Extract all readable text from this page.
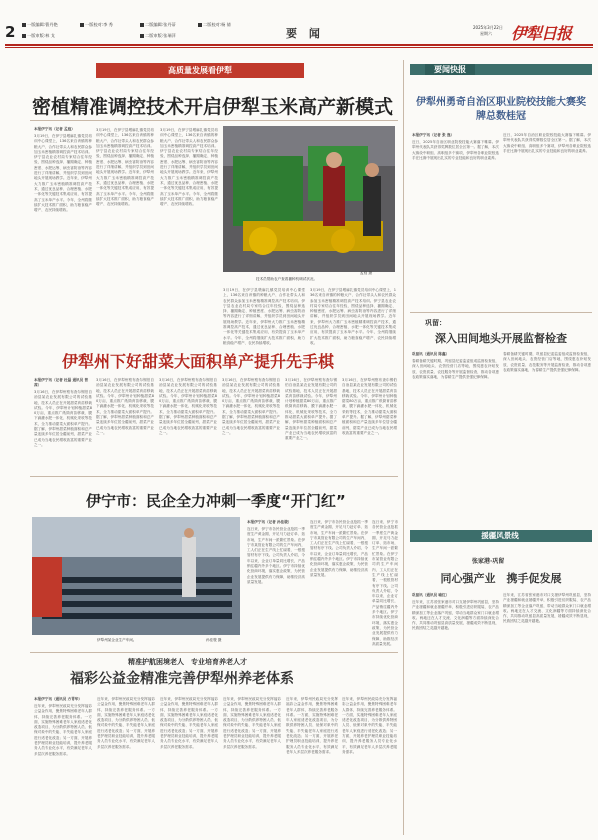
2	一版编辑:曹丹艳	一版校对:李 秀	二版编辑:张丹蒂	二版校对:杨 倩
一版审版:林 戈	二版审版:张瑞萍	要 闻	2025年3月22日
星期六 伊犁日报
高质量发展看伊犁
密植精准调控技术开启伊犁玉米高产新模式
本报伊宁讯（记者 孟庭）
3月19日，在伊宁县墩麻扎镇党员培训中心课堂上，136名来自该镇的种粮大户、合作社带头人和农民群众参加玉米密植精准调控高产技术培训。伊宁县农业农村局专家结合往年经验，围绕品种选择、播期确定、种植密度、水肥运筹、病虫害防治等内容进行了详细讲解，并组织学员到田间地头开展现场教学。近年来，伊犁州大力推广玉米密植精准调控高产技术，通过优良品种、合理密植、水肥一体化等关键技术集成应用，有效提高了玉米单产水平。今年，全州将继续扩大技术推广面积，助力粮食稳产增产、农民持续增收。
3月19日，在伊宁县墩麻扎镇党员培训中心课堂上，136名来自该镇的种粮大户、合作社带头人和农民群众参加玉米密植精准调控高产技术培训。伊宁县农业农村局专家结合往年经验，围绕品种选择、播期确定、种植密度、水肥运筹、病虫害防治等内容进行了详细讲解，并组织学员到田间地头开展现场教学。近年来，伊犁州大力推广玉米密植精准调控高产技术，通过优良品种、合理密植、水肥一体化等关键技术集成应用，有效提高了玉米单产水平。今年，全州将继续扩大技术推广面积，助力粮食稳产增产、农民持续增收。
3月19日，在伊宁县墩麻扎镇党员培训中心课堂上，136名来自该镇的种粮大户、合作社带头人和农民群众参加玉米密植精准调控高产技术培训。伊宁县农业农村局专家结合往年经验，围绕品种选择、播期确定、种植密度、水肥运筹、病虫害防治等内容进行了详细讲解，并组织学员到田间地头开展现场教学。近年来，伊犁州大力推广玉米密植精准调控高产技术，通过优良品种、合理密植、水肥一体化等关键技术集成应用，有效提高了玉米单产水平。今年，全州将继续扩大技术推广面积，助力粮食稳产增产、农民持续增收。
技术员帮助农户查看播种机调试状况。
孟庭 摄
3月19日，在伊宁县墩麻扎镇党员培训中心课堂上，136名来自该镇的种粮大户、合作社带头人和农民群众参加玉米密植精准调控高产技术培训。伊宁县农业农村局专家结合往年经验，围绕品种选择、播期确定、种植密度、水肥运筹、病虫害防治等内容进行了详细讲解，并组织学员到田间地头开展现场教学。近年来，伊犁州大力推广玉米密植精准调控高产技术，通过优良品种、合理密植、水肥一体化等关键技术集成应用，有效提高了玉米单产水平。今年，全州将继续扩大技术推广面积，助力粮食稳产增产、农民持续增收。
3月19日，在伊宁县墩麻扎镇党员培训中心课堂上，136名来自该镇的种粮大户、合作社带头人和农民群众参加玉米密植精准调控高产技术培训。伊宁县农业农村局专家结合往年经验，围绕品种选择、播期确定、种植密度、水肥运筹、病虫害防治等内容进行了详细讲解，并组织学员到田间地头开展现场教学。近年来，伊犁州大力推广玉米密植精准调控高产技术，通过优良品种、合理密植、水肥一体化等关键技术集成应用，有效提高了玉米单产水平。今年，全州将继续扩大技术推广面积，助力粮食稳产增产、农民持续增收。
伊犁州下好甜菜大面积单产提升先手棋
本报伊宁讯（记者 杜磊 通讯员 曾茜）
3月16日，在伊犁州察布查尔锡伯自治县某农业发展有限公司的试验基地，技术人员正在开展甜菜育苗移栽试验。今年，伊犁州计划种植甜菜80万亩，重点推广纸筒育苗移栽、膜下滴灌水肥一体化、机械化采收等技术，全力推动甜菜大面积单产提升。据了解，伊犁州甜菜种植面积和总产量连续多年位居全疆前列，甜菜产业已成为当地农民增收致富的重要产业之一。
3月16日，在伊犁州察布查尔锡伯自治县某农业发展有限公司的试验基地，技术人员正在开展甜菜育苗移栽试验。今年，伊犁州计划种植甜菜80万亩，重点推广纸筒育苗移栽、膜下滴灌水肥一体化、机械化采收等技术，全力推动甜菜大面积单产提升。据了解，伊犁州甜菜种植面积和总产量连续多年位居全疆前列，甜菜产业已成为当地农民增收致富的重要产业之一。
3月16日，在伊犁州察布查尔锡伯自治县某农业发展有限公司的试验基地，技术人员正在开展甜菜育苗移栽试验。今年，伊犁州计划种植甜菜80万亩，重点推广纸筒育苗移栽、膜下滴灌水肥一体化、机械化采收等技术，全力推动甜菜大面积单产提升。据了解，伊犁州甜菜种植面积和总产量连续多年位居全疆前列，甜菜产业已成为当地农民增收致富的重要产业之一。
3月16日，在伊犁州察布查尔锡伯自治县某农业发展有限公司的试验基地，技术人员正在开展甜菜育苗移栽试验。今年，伊犁州计划种植甜菜80万亩，重点推广纸筒育苗移栽、膜下滴灌水肥一体化、机械化采收等技术，全力推动甜菜大面积单产提升。据了解，伊犁州甜菜种植面积和总产量连续多年位居全疆前列，甜菜产业已成为当地农民增收致富的重要产业之一。
3月16日，在伊犁州察布查尔锡伯自治县某农业发展有限公司的试验基地，技术人员正在开展甜菜育苗移栽试验。今年，伊犁州计划种植甜菜80万亩，重点推广纸筒育苗移栽、膜下滴灌水肥一体化、机械化采收等技术，全力推动甜菜大面积单产提升。据了解，伊犁州甜菜种植面积和总产量连续多年位居全疆前列，甜菜产业已成为当地农民增收致富的重要产业之一。
3月16日，在伊犁州察布查尔锡伯自治县某农业发展有限公司的试验基地，技术人员正在开展甜菜育苗移栽试验。今年，伊犁州计划种植甜菜80万亩，重点推广纸筒育苗移栽、膜下滴灌水肥一体化、机械化采收等技术，全力推动甜菜大面积单产提升。据了解，伊犁州甜菜种植面积和总产量连续多年位居全疆前列，甜菜产业已成为当地农民增收致富的重要产业之一。
伊宁市：民企全力冲刺一季度“开门红”
伊犁州某企业生产车间。	孙佳骏 摄
本报伊宁讯（记者 孙佳骏）
连日来，伊宁市各民营企业抢抓一季度生产黄金期，开足马力赶订单、拓市场，生产车间一派繁忙景象。在伊宁市某管业有限公司的生产车间内，工人们正在生产线上忙碌着，一根根管材有序下线。公司负责人介绍，今年以来，企业订单量同比增长，产品销往疆内外多个地区。伊宁市持续优化营商环境，落实惠企政策，为民营企业发展提供有力保障，助推经济高质量发展。
连日来，伊宁市各民营企业抢抓一季度生产黄金期，开足马力赶订单、拓市场，生产车间一派繁忙景象。在伊宁市某管业有限公司的生产车间内，工人们正在生产线上忙碌着，一根根管材有序下线。公司负责人介绍，今年以来，企业订单量同比增长，产品销往疆内外多个地区。伊宁市持续优化营商环境，落实惠企政策，为民营企业发展提供有力保障，助推经济高质量发展。
连日来，伊宁市各民营企业抢抓一季度生产黄金期，开足马力赶订单、拓市场，生产车间一派繁忙景象。在伊宁市某管业有限公司的生产车间内，工人们正在生产线上忙碌着，一根根管材有序下线。公司负责人介绍，今年以来，企业订单量同比增长，产品销往疆内外多个地区。伊宁市持续优化营商环境，落实惠企政策，为民营企业发展提供有力保障，助推经济高质量发展。
精准护航困境老人　专业培育养老人才
福彩公益金精准完善伊犁州养老体系
本报伊宁讯（通讯员 方青华）
近年来，伊犁州民政局充分发挥福彩公益金作用，聚焦特殊困难老年人群体，持续完善养老服务体系。一方面，实施特殊困难老年人家庭适老化改造项目，为分散供养特困人员、低保对象中的失能、半失能老年人家庭进行适老化改造；另一方面，开展养老护理员职业技能培训，提升养老服务人员专业化水平，有效满足老年人多层次养老服务需求。
近年来，伊犁州民政局充分发挥福彩公益金作用，聚焦特殊困难老年人群体，持续完善养老服务体系。一方面，实施特殊困难老年人家庭适老化改造项目，为分散供养特困人员、低保对象中的失能、半失能老年人家庭进行适老化改造；另一方面，开展养老护理员职业技能培训，提升养老服务人员专业化水平，有效满足老年人多层次养老服务需求。
近年来，伊犁州民政局充分发挥福彩公益金作用，聚焦特殊困难老年人群体，持续完善养老服务体系。一方面，实施特殊困难老年人家庭适老化改造项目，为分散供养特困人员、低保对象中的失能、半失能老年人家庭进行适老化改造；另一方面，开展养老护理员职业技能培训，提升养老服务人员专业化水平，有效满足老年人多层次养老服务需求。
近年来，伊犁州民政局充分发挥福彩公益金作用，聚焦特殊困难老年人群体，持续完善养老服务体系。一方面，实施特殊困难老年人家庭适老化改造项目，为分散供养特困人员、低保对象中的失能、半失能老年人家庭进行适老化改造；另一方面，开展养老护理员职业技能培训，提升养老服务人员专业化水平，有效满足老年人多层次养老服务需求。
近年来，伊犁州民政局充分发挥福彩公益金作用，聚焦特殊困难老年人群体，持续完善养老服务体系。一方面，实施特殊困难老年人家庭适老化改造项目，为分散供养特困人员、低保对象中的失能、半失能老年人家庭进行适老化改造；另一方面，开展养老护理员职业技能培训，提升养老服务人员专业化水平，有效满足老年人多层次养老服务需求。
近年来，伊犁州民政局充分发挥福彩公益金作用，聚焦特殊困难老年人群体，持续完善养老服务体系。一方面，实施特殊困难老年人家庭适老化改造项目，为分散供养特困人员、低保对象中的失能、半失能老年人家庭进行适老化改造；另一方面，开展养老护理员职业技能培训，提升养老服务人员专业化水平，有效满足老年人多层次养老服务需求。
要闻快报
伊犁州勇奇自治区职业院校技能大赛奖牌总数桂冠
本报伊宁讯（记者 张 逸）
近日，2025年自治区职业院校技能大赛落下帷幕。伊犁州代表队共获得奖牌数位居全区第一。据了解，本次大赛设中职组、高职组多个赛项，伊犁州各职业院校选手在比赛中展现出扎实的专业技能和良好的职业素养。
近日，2025年自治区职业院校技能大赛落下帷幕。伊犁州代表队共获得奖牌数位居全区第一。据了解，本次大赛设中职组、高职组多个赛项，伊犁州各职业院校选手在比赛中展现出扎实的专业技能和良好的职业素养。
巩留：
深入田间地头开展监督检查
巩留讯（通讯员 陈鑫）
春耕备耕关键时期，巩留县纪委监委组成监督检查组，深入田间地头、农资经营门店等地，围绕惠农补贴发放、农资质量、农技服务等开展监督检查，推动各项惠农政策落实落地，为春耕生产提供坚强纪律保障。
春耕备耕关键时期，巩留县纪委监委组成监督检查组，深入田间地头、农资经营门店等地，围绕惠农补贴发放、农资质量、农技服务等开展监督检查，推动各项惠农政策落实落地，为春耕生产提供坚强纪律保障。
援疆风景线
张家港·巩留
同心强产业　携手促发展
巩留讯（通讯员 喻红）
近年来，江苏省张家港市对口支援伊犁州巩留县，坚持产业援疆和就业援疆并举，积极引进纺织服装、农产品精深加工等企业落户巩留，带动当地群众家门口就业增收。两地还在人才交流、文化润疆等方面持续深化合作，共同推动巩留县高质量发展，援疆成效不断显现，民族团结之花越开越艳。
近年来，江苏省张家港市对口支援伊犁州巩留县，坚持产业援疆和就业援疆并举，积极引进纺织服装、农产品精深加工等企业落户巩留，带动当地群众家门口就业增收。两地还在人才交流、文化润疆等方面持续深化合作，共同推动巩留县高质量发展，援疆成效不断显现，民族团结之花越开越艳。
